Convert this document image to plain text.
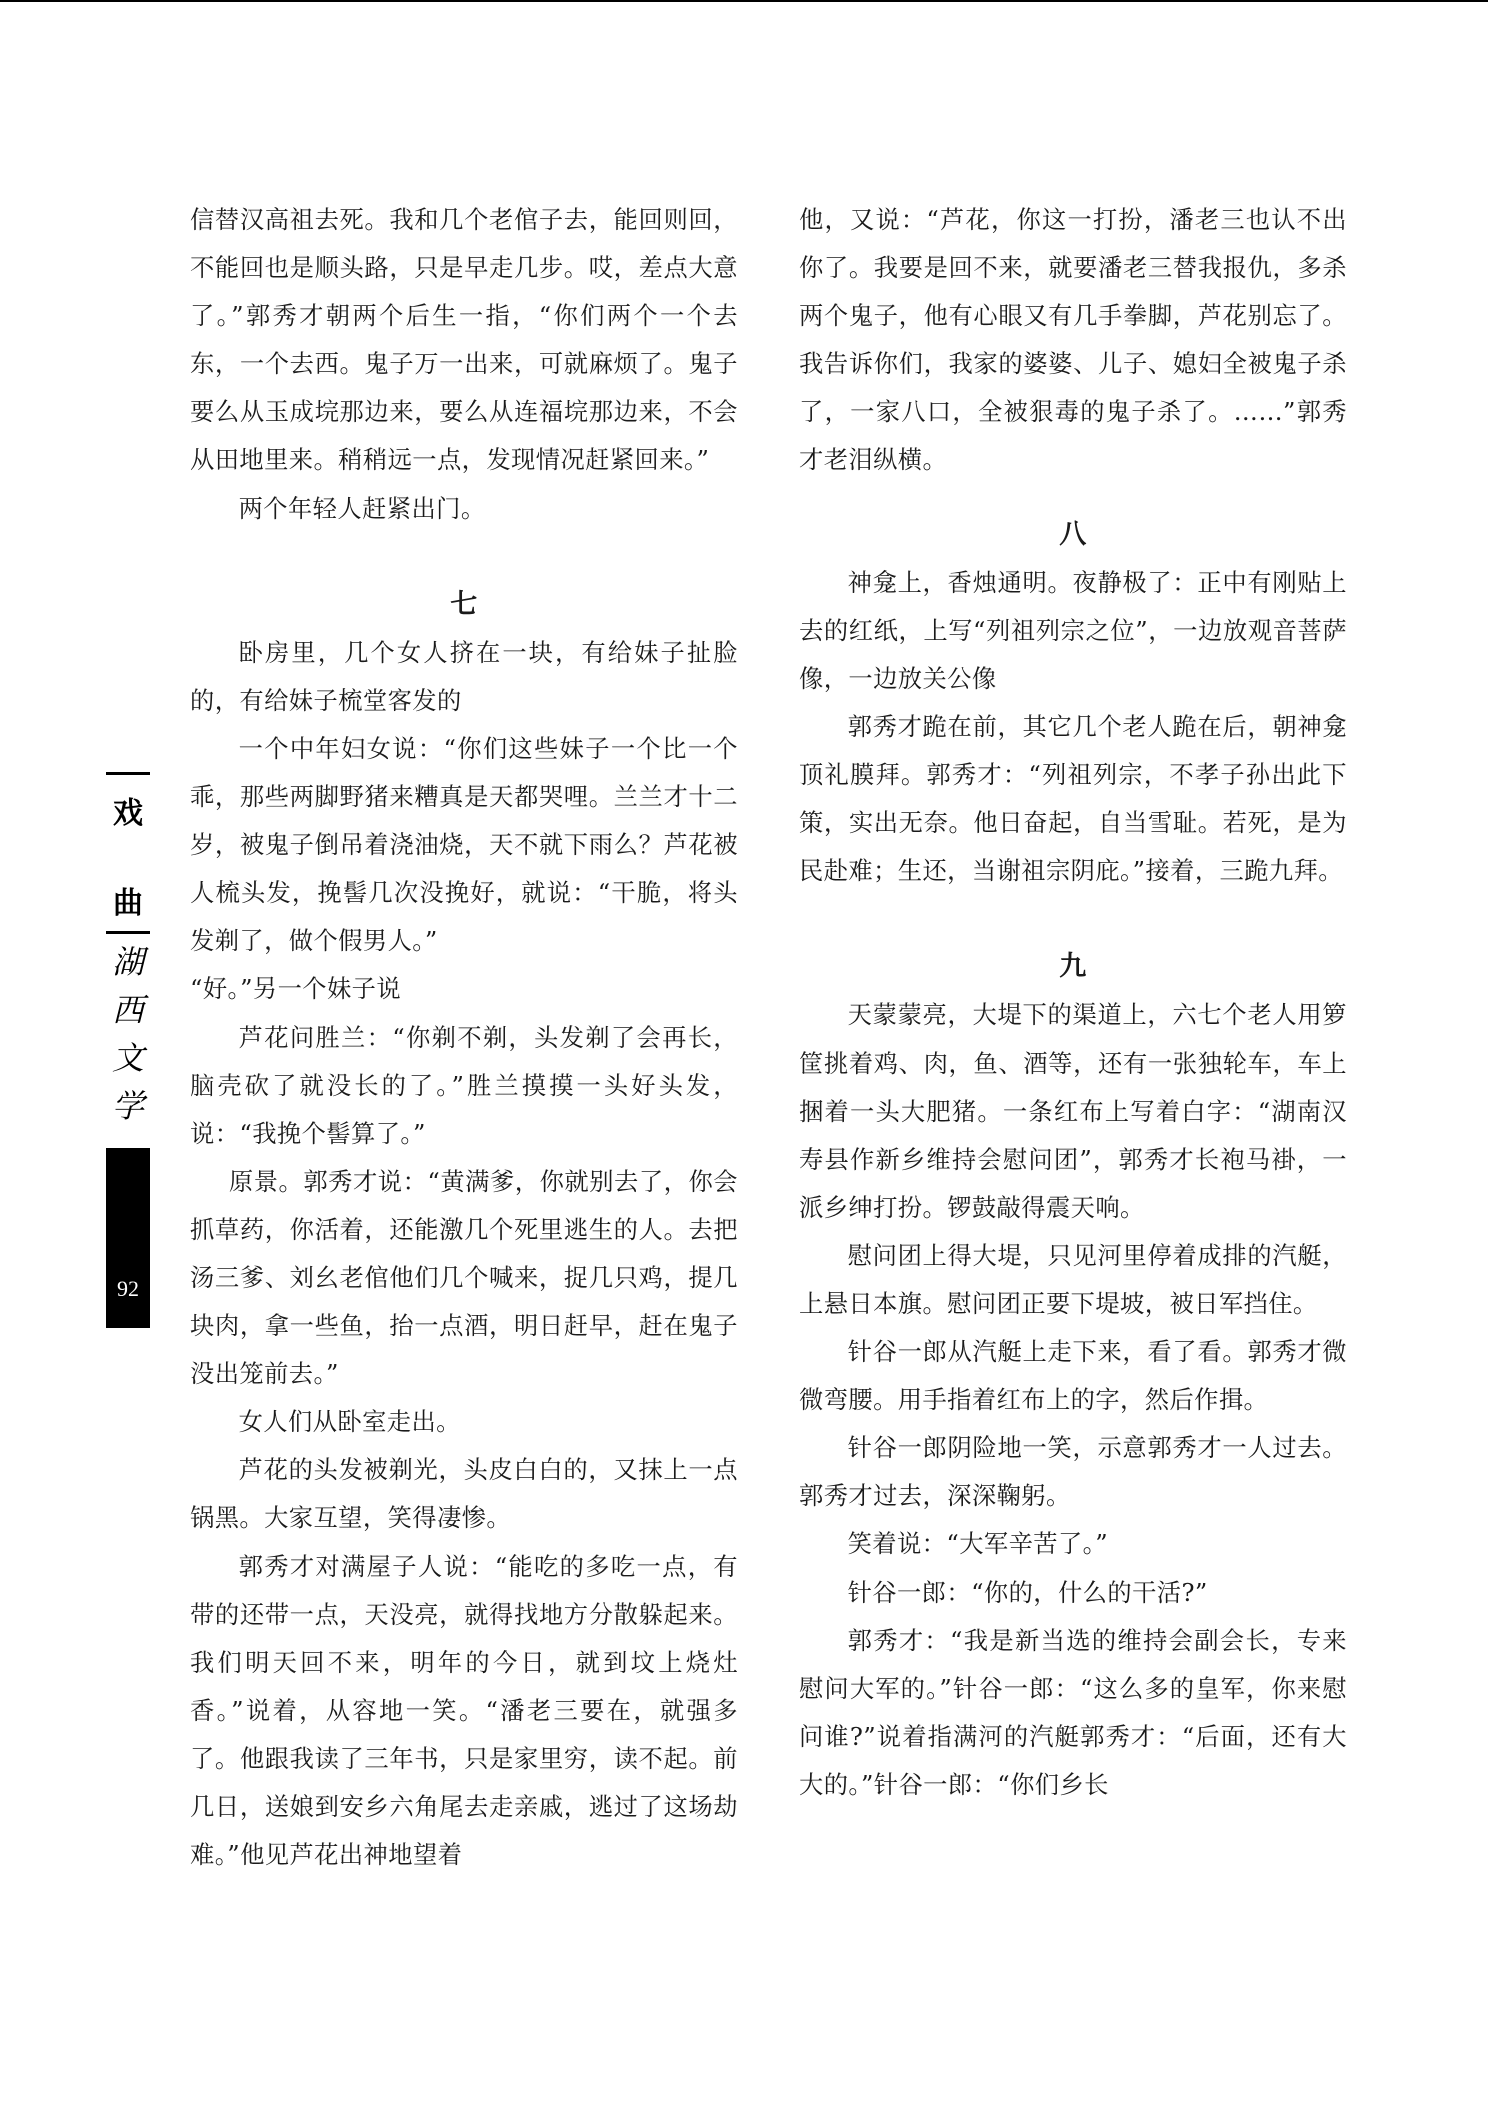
戏
曲
湖
西
文
学
92

信替汉高祖去死。我和几个老倌子去，能回则回，不能回也是顺头路，只是早走几步。哎，差点大意了。”郭秀才朝两个后生一指，“你们两个一个去东，一个去西。鬼子万一出来，可就麻烦了。鬼子要么从玉成垸那边来，要么从连福垸那边来，不会从田地里来。稍稍远一点，发现情况赶紧回来。”

两个年轻人赶紧出门。

七

卧房里，几个女人挤在一块，有给妹子扯脸的，有给妹子梳堂客发的

一个中年妇女说：“你们这些妹子一个比一个乖，那些两脚野猪来糟真是天都哭哩。兰兰才十二岁，被鬼子倒吊着浇油烧，天不就下雨么？芦花被人梳头发，挽髻几次没挽好，就说：“干脆，将头发剃了，做个假男人。”

“好。”另一个妹子说

芦花问胜兰：“你剃不剃，头发剃了会再长，脑壳砍了就没长的了。”胜兰摸摸一头好头发，说：“我挽个髻算了。”

原景。郭秀才说：“黄满爹，你就别去了，你会抓草药，你活着，还能激几个死里逃生的人。去把汤三爹、刘幺老倌他们几个喊来，捉几只鸡，提几块肉，拿一些鱼，抬一点酒，明日赶早，赶在鬼子没出笼前去。”

女人们从卧室走出。

芦花的头发被剃光，头皮白白的，又抹上一点锅黑。大家互望，笑得凄惨。

郭秀才对满屋子人说：“能吃的多吃一点，有带的还带一点，天没亮，就得找地方分散躲起来。我们明天回不来，明年的今日，就到坟上烧灶香。”说着，从容地一笑。“潘老三要在，就强多了。他跟我读了三年书，只是家里穷，读不起。前几日，送娘到安乡六角尾去走亲戚，逃过了这场劫难。”他见芦花出神地望着

他，又说：“芦花，你这一打扮，潘老三也认不出你了。我要是回不来，就要潘老三替我报仇，多杀两个鬼子，他有心眼又有几手拳脚，芦花别忘了。我告诉你们，我家的婆婆、儿子、媳妇全被鬼子杀了，一家八口，全被狠毒的鬼子杀了。……”郭秀才老泪纵横。

八

神龛上，香烛通明。夜静极了：正中有刚贴上去的红纸，上写“列祖列宗之位”，一边放观音菩萨像，一边放关公像

郭秀才跪在前，其它几个老人跪在后，朝神龛顶礼膜拜。郭秀才：“列祖列宗，不孝子孙出此下策，实出无奈。他日奋起，自当雪耻。若死，是为民赴难；生还，当谢祖宗阴庇。”接着，三跪九拜。

九

天蒙蒙亮，大堤下的渠道上，六七个老人用箩筐挑着鸡、肉，鱼、酒等，还有一张独轮车，车上捆着一头大肥猪。一条红布上写着白字：“湖南汉寿县作新乡维持会慰问团”，郭秀才长袍马褂，一派乡绅打扮。锣鼓敲得震天响。

慰问团上得大堤，只见河里停着成排的汽艇，上悬日本旗。慰问团正要下堤坡，被日军挡住。

针谷一郎从汽艇上走下来，看了看。郭秀才微微弯腰。用手指着红布上的字，然后作揖。

针谷一郎阴险地一笑，示意郭秀才一人过去。郭秀才过去，深深鞠躬。

笑着说：“大军辛苦了。”

针谷一郎：“你的，什么的干活?”

郭秀才：“我是新当选的维持会副会长，专来慰问大军的。”针谷一郎：“这么多的皇军，你来慰问谁?”说着指满河的汽艇郭秀才：“后面，还有大大的。”针谷一郎：“你们乡长
